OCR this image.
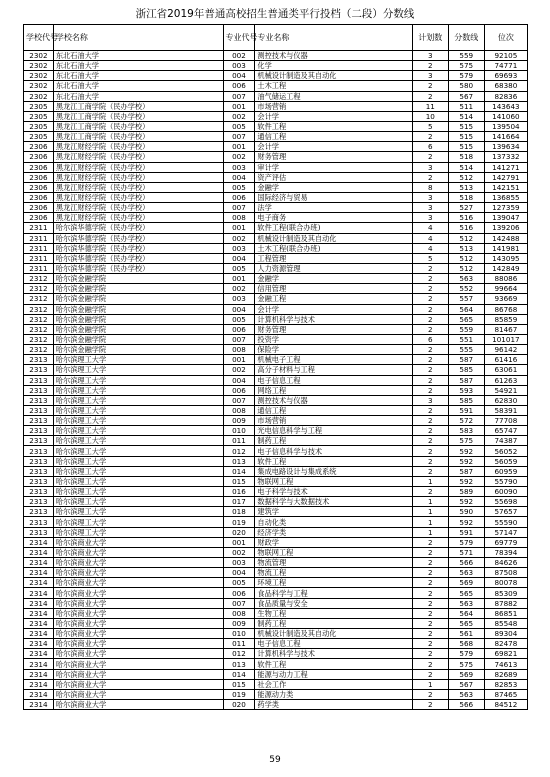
浙江省2019年普通高校招生普通类平行投档（二段）分数线
学校代号	学校名称	专业代号	专业名称	计划数	分数线	位次
2302	东北石油大学	002	测控技术与仪器	3	559	92105
2302	东北石油大学	003	化学	2	575	74771
2302	东北石油大学	004	机械设计制造及其自动化	3	579	69693
2302	东北石油大学	006	土木工程	2	580	68380
2302	东北石油大学	007	油气储运工程	2	567	82836
2305	黑龙江工商学院（民办学校）	001	市场营销	11	511	143643
2305	黑龙江工商学院（民办学校）	002	会计学	10	514	141060
2305	黑龙江工商学院（民办学校）	005	软件工程	5	515	139504
2305	黑龙江工商学院（民办学校）	007	通信工程	2	515	141664
2306	黑龙江财经学院（民办学校）	001	会计学	6	515	139634
2306	黑龙江财经学院（民办学校）	002	财务管理	2	518	137332
2306	黑龙江财经学院（民办学校）	003	审计学	3	514	141271
2306	黑龙江财经学院（民办学校）	004	资产评估	2	512	142791
2306	黑龙江财经学院（民办学校）	005	金融学	8	513	142151
2306	黑龙江财经学院（民办学校）	006	国际经济与贸易	3	518	136855
2306	黑龙江财经学院（民办学校）	007	法学	3	527	127359
2306	黑龙江财经学院（民办学校）	008	电子商务	3	516	139047
2311	哈尔滨华德学院（民办学校）	001	软件工程(联合办班)	4	516	139206
2311	哈尔滨华德学院（民办学校）	002	机械设计制造及其自动化	4	512	142488
2311	哈尔滨华德学院（民办学校）	003	土木工程(联合办班)	4	513	141981
2311	哈尔滨华德学院（民办学校）	004	工程管理	5	512	143095
2311	哈尔滨华德学院（民办学校）	005	人力资源管理	2	512	142849
2312	哈尔滨金融学院	001	金融学	2	563	88086
2312	哈尔滨金融学院	002	信用管理	2	552	99664
2312	哈尔滨金融学院	003	金融工程	2	557	93669
2312	哈尔滨金融学院	004	会计学	2	564	86768
2312	哈尔滨金融学院	005	计算机科学与技术	2	565	85859
2312	哈尔滨金融学院	006	财务管理	2	559	81467
2312	哈尔滨金融学院	007	投资学	6	551	101017
2312	哈尔滨金融学院	008	保险学	2	555	96142
2313	哈尔滨理工大学	001	机械电子工程	2	587	61416
2313	哈尔滨理工大学	002	高分子材料与工程	2	585	63061
2313	哈尔滨理工大学	004	电子信息工程	2	587	61263
2313	哈尔滨理工大学	006	网络工程	2	593	54921
2313	哈尔滨理工大学	007	测控技术与仪器	3	585	62830
2313	哈尔滨理工大学	008	通信工程	2	591	58391
2313	哈尔滨理工大学	009	市场营销	2	572	77708
2313	哈尔滨理工大学	010	光电信息科学与工程	2	583	65747
2313	哈尔滨理工大学	011	制药工程	2	575	74387
2313	哈尔滨理工大学	012	电子信息科学与技术	2	592	56052
2313	哈尔滨理工大学	013	软件工程	2	592	56059
2313	哈尔滨理工大学	014	集成电路设计与集成系统	2	587	60959
2313	哈尔滨理工大学	015	物联网工程	1	592	55790
2313	哈尔滨理工大学	016	电子科学与技术	2	589	60090
2313	哈尔滨理工大学	017	数据科学与大数据技术	1	592	55698
2313	哈尔滨理工大学	018	建筑学	1	590	57657
2313	哈尔滨理工大学	019	自动化类	1	592	55590
2313	哈尔滨理工大学	020	经济学类	1	591	57147
2314	哈尔滨商业大学	001	财政学	2	579	69779
2314	哈尔滨商业大学	002	物联网工程	2	571	78394
2314	哈尔滨商业大学	003	物流管理	2	566	84626
2314	哈尔滨商业大学	004	物流工程	2	563	87508
2314	哈尔滨商业大学	005	环境工程	2	569	80078
2314	哈尔滨商业大学	006	食品科学与工程	2	565	85309
2314	哈尔滨商业大学	007	食品质量与安全	2	563	87882
2314	哈尔滨商业大学	008	生物工程	2	564	86851
2314	哈尔滨商业大学	009	制药工程	2	565	85548
2314	哈尔滨商业大学	010	机械设计制造及其自动化	2	561	89304
2314	哈尔滨商业大学	011	电子信息工程	2	568	82478
2314	哈尔滨商业大学	012	计算机科学与技术	2	579	69821
2314	哈尔滨商业大学	013	软件工程	2	575	74613
2314	哈尔滨商业大学	014	能源与动力工程	2	569	82689
2314	哈尔滨商业大学	015	社会工作	1	567	82853
2314	哈尔滨商业大学	019	能源动力类	2	563	87465
2314	哈尔滨商业大学	020	药学类	2	566	84512
59
